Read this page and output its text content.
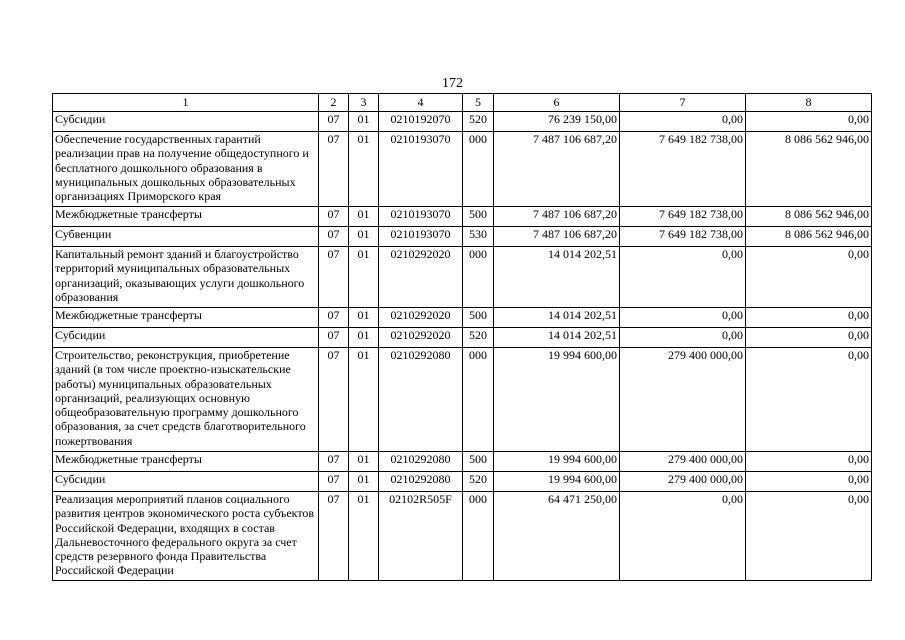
172
1	2	3	4	5	6	7	8
Субсидии	07	01	0210192070	520	76 239 150,00	0,00	0,00
Обеспечение государственных гарантий реализации прав на получение общедоступного и бесплатного дошкольного образования в муниципальных дошкольных образовательных организациях Приморского края	07	01	0210193070	000	7 487 106 687,20	7 649 182 738,00	8 086 562 946,00
Межбюджетные трансферты	07	01	0210193070	500	7 487 106 687,20	7 649 182 738,00	8 086 562 946,00
Субвенции	07	01	0210193070	530	7 487 106 687,20	7 649 182 738,00	8 086 562 946,00
Капитальный ремонт зданий и благоустройство территорий муниципальных образовательных организаций, оказывающих услуги дошкольного образования	07	01	0210292020	000	14 014 202,51	0,00	0,00
Межбюджетные трансферты	07	01	0210292020	500	14 014 202,51	0,00	0,00
Субсидии	07	01	0210292020	520	14 014 202,51	0,00	0,00
Строительство, реконструкция, приобретение зданий (в том числе проектно-изыскательские работы) муниципальных образовательных организаций, реализующих основную общеобразовательную программу дошкольного образования, за счет средств благотворительного пожертвования	07	01	0210292080	000	19 994 600,00	279 400 000,00	0,00
Межбюджетные трансферты	07	01	0210292080	500	19 994 600,00	279 400 000,00	0,00
Субсидии	07	01	0210292080	520	19 994 600,00	279 400 000,00	0,00
Реализация мероприятий планов социального развития центров экономического роста субъектов Российской Федерации, входящих в состав Дальневосточного федерального округа за счет средств резервного фонда Правительства Российской Федерации	07	01	02102R505F	000	64 471 250,00	0,00	0,00
